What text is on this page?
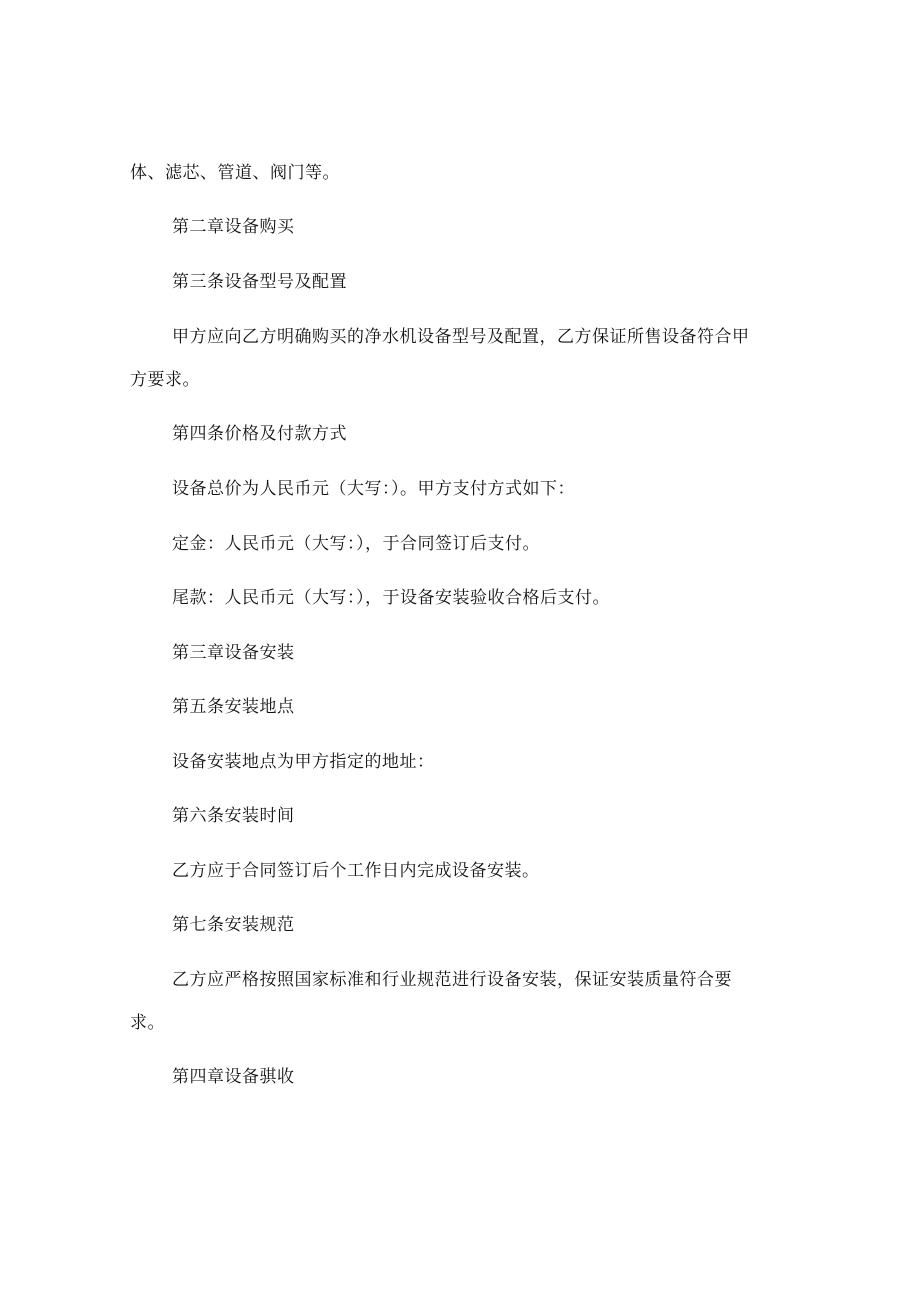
体、滤芯、管道、阀门等。
第二章设备购买
第三条设备型号及配置
甲方应向乙方明确购买的净水机设备型号及配置，乙方保证所售设备符合甲
方要求。
第四条价格及付款方式
设备总价为人民币元（大写：）。甲方支付方式如下：
定金：人民币元（大写：），于合同签订后支付。
尾款：人民币元（大写：），于设备安装验收合格后支付。
第三章设备安装
第五条安装地点
设备安装地点为甲方指定的地址：
第六条安装时间
乙方应于合同签订后个工作日内完成设备安装。
第七条安装规范
乙方应严格按照国家标准和行业规范进行设备安装，保证安装质量符合要
求。
第四章设备骐收
